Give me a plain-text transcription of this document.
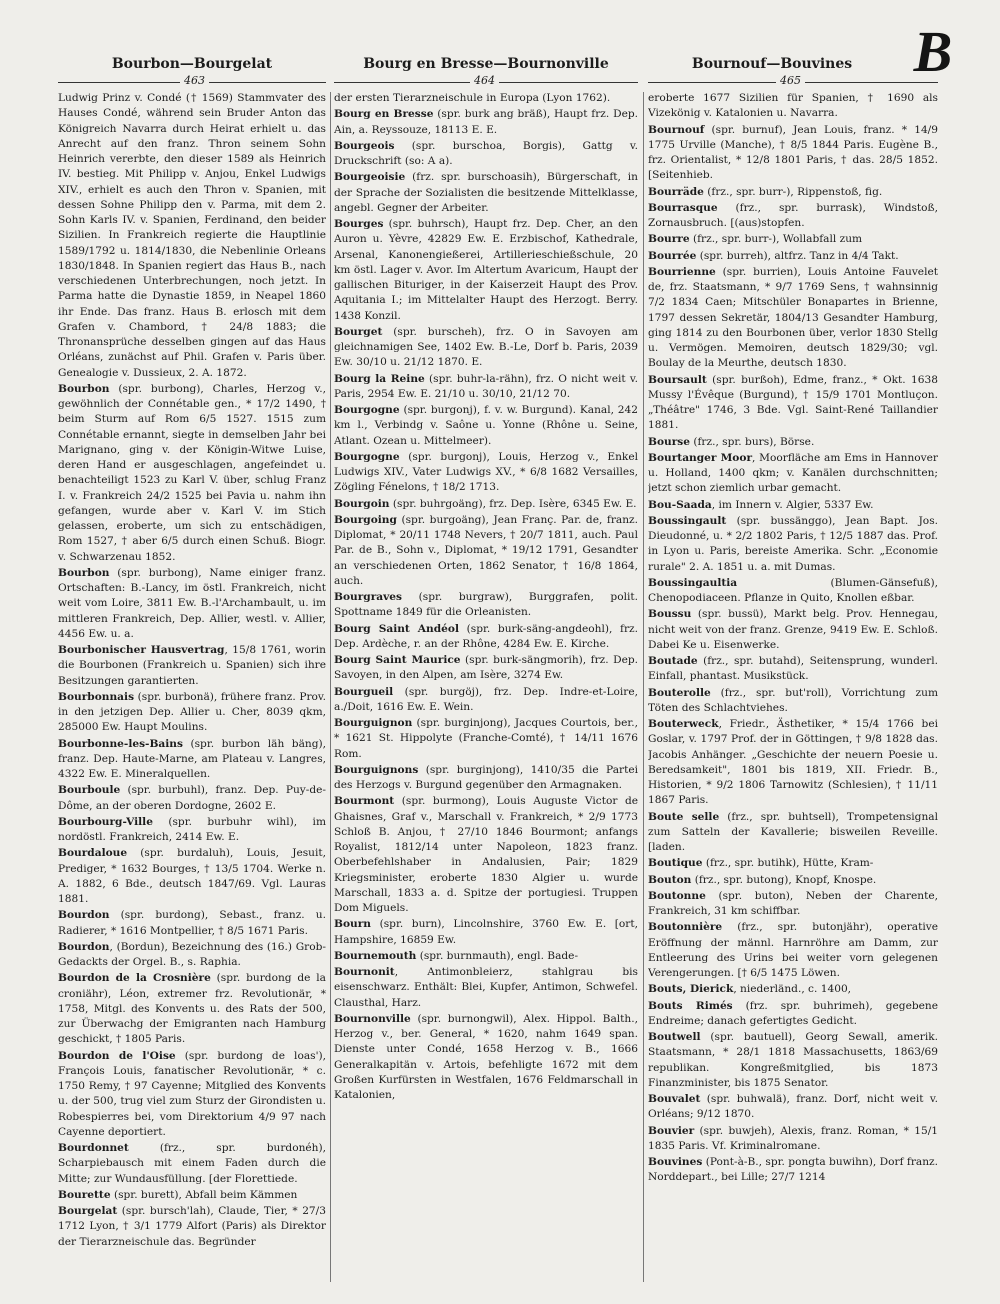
B
Bourbon—Bourgelat	Bourg en Bresse—Bournonville	Bournouf—Bouvines
463	464	465
Ludwig Prinz v. Condé († 1569) Stammvater des Hauses Condé, während sein Bruder Anton das Königreich Navarra durch Heirat erhielt u. das Anrecht auf den franz. Thron seinem Sohn Heinrich vererbte, den dieser 1589 als Heinrich IV. bestieg. Mit Philipp v. Anjou, Enkel Ludwigs XIV., erhielt es auch den Thron v. Spanien, mit dessen Sohne Philipp den v. Parma, mit dem 2. Sohn Karls IV. v. Spanien, Ferdinand, den beider Sizilien. In Frankreich regierte die Hauptlinie 1589/1792 u. 1814/1830, die Nebenlinie Orleans 1830/1848. In Spanien regiert das Haus B., nach verschiedenen Unterbrechungen, noch jetzt. In Parma hatte die Dynastie 1859, in Neapel 1860 ihr Ende. Das franz. Haus B. erlosch mit dem Grafen v. Chambord, † 24/8 1883; die Thronansprüche desselben gingen auf das Haus Orléans, zunächst auf Phil. Grafen v. Paris über. Genealogie v. Dussieux, 2. A. 1872.
Bourbon (spr. burbong), Charles, Herzog v., gewöhnlich der Connétable gen., * 17/2 1490, † beim Sturm auf Rom 6/5 1527. 1515 zum Connétable ernannt, siegte in demselben Jahr bei Marignano, ging v. der Königin-Witwe Luise, deren Hand er ausgeschlagen, angefeindet u. benachteiligt 1523 zu Karl V. über, schlug Franz I. v. Frankreich 24/2 1525 bei Pavia u. nahm ihn gefangen, wurde aber v. Karl V. im Stich gelassen, eroberte, um sich zu entschädigen, Rom 1527, † aber 6/5 durch einen Schuß. Biogr. v. Schwarzenau 1852.
Bourbon (spr. burbong), Name einiger franz. Ortschaften: B.-Lancy, im östl. Frankreich, nicht weit vom Loire, 3811 Ew. B.-l'Archambault, u. im mittleren Frankreich, Dep. Allier, westl. v. Allier, 4456 Ew. u. a.
Bourbonischer Hausvertrag, 15/8 1761, worin die Bourbonen (Frankreich u. Spanien) sich ihre Besitzungen garantierten.
Bourbonnais (spr. burbonä), frühere franz. Prov. in den jetzigen Dep. Allier u. Cher, 8039 qkm, 285000 Ew. Haupt Moulins.
Bourbonne-les-Bains (spr. burbon läh bäng), franz. Dep. Haute-Marne, am Plateau v. Langres, 4322 Ew. E. Mineralquellen.
Bourboule (spr. burbuhl), franz. Dep. Puy-de-Dôme, an der oberen Dordogne, 2602 E.
Bourbourg-Ville (spr. burbuhr wihl), im nordöstl. Frankreich, 2414 Ew. E.
Bourdaloue (spr. burdaluh), Louis, Jesuit, Prediger, * 1632 Bourges, † 13/5 1704. Werke n. A. 1882, 6 Bde., deutsch 1847/69. Vgl. Lauras 1881.
Bourdon (spr. burdong), Sebast., franz. u. Radierer, * 1616 Montpellier, † 8/5 1671 Paris.
Bourdon, (Bordun), Bezeichnung des (16.) Grob-Gedackts der Orgel. B., s. Raphia.
Bourdon de la Crosnière (spr. burdong de la croniähr), Léon, extremer frz. Revolutionär, * 1758, Mitgl. des Konvents u. des Rats der 500, zur Überwachg der Emigranten nach Hamburg geschickt, † 1805 Paris.
Bourdon de l'Oise (spr. burdong de loas'), François Louis, fanatischer Revolutionär, * c. 1750 Remy, † 97 Cayenne; Mitglied des Konvents u. der 500, trug viel zum Sturz der Girondisten u. Robespierres bei, vom Direktorium 4/9 97 nach Cayenne deportiert.
Bourdonnet (frz., spr. burdonéh), Scharpiebausch mit einem Faden durch die Mitte; zur Wundausfüllung. [der Florettiede.
Bourette (spr. burett), Abfall beim Kämmen
Bourgelat (spr. bursch'lah), Claude, Tier, * 27/3 1712 Lyon, † 3/1 1779 Alfort (Paris) als Direktor der Tierarzneischule das. Begründer
der ersten Tierarzneischule in Europa (Lyon 1762).
Bourg en Bresse (spr. burk ang bräß), Haupt frz. Dep. Ain, a. Reyssouze, 18113 E. E.
Bourgeois (spr. burschoa, Borgis), Gattg v. Druckschrift (so: A a).
Bourgeoisie (frz. spr. burschoasih), Bürgerschaft, in der Sprache der Sozialisten die besitzende Mittelklasse, angebl. Gegner der Arbeiter.
Bourges (spr. buhrsch), Haupt frz. Dep. Cher, an den Auron u. Yèvre, 42829 Ew. E. Erzbischof, Kathedrale, Arsenal, Kanonengießerei, Artillerieschießschule, 20 km östl. Lager v. Avor. Im Altertum Avaricum, Haupt der gallischen Bituriger, in der Kaiserzeit Haupt des Prov. Aquitania I.; im Mittelalter Haupt des Herzogt. Berry. 1438 Konzil.
Bourget (spr. burscheh), frz. O in Savoyen am gleichnamigen See, 1402 Ew. B.-Le, Dorf b. Paris, 2039 Ew. 30/10 u. 21/12 1870. E.
Bourg la Reine (spr. buhr-la-rähn), frz. O nicht weit v. Paris, 2954 Ew. E. 21/10 u. 30/10, 21/12 70.
Bourgogne (spr. burgonj), f. v. w. Burgund). Kanal, 242 km l., Verbindg v. Saône u. Yonne (Rhône u. Seine, Atlant. Ozean u. Mittelmeer).
Bourgogne (spr. burgonj), Louis, Herzog v., Enkel Ludwigs XIV., Vater Ludwigs XV., * 6/8 1682 Versailles, Zögling Fénelons, † 18/2 1713.
Bourgoin (spr. buhrgoäng), frz. Dep. Isère, 6345 Ew. E.
Bourgoing (spr. burgoäng), Jean Franç. Par. de, franz. Diplomat, * 20/11 1748 Nevers, † 20/7 1811, auch. Paul Par. de B., Sohn v., Diplomat, * 19/12 1791, Gesandter an verschiedenen Orten, 1862 Senator, † 16/8 1864, auch.
Bourgraves (spr. burgraw), Burggrafen, polit. Spottname 1849 für die Orleanisten.
Bourg Saint Andéol (spr. burk-säng-angdeohl), frz. Dep. Ardèche, r. an der Rhône, 4284 Ew. E. Kirche.
Bourg Saint Maurice (spr. burk-sängmorih), frz. Dep. Savoyen, in den Alpen, am Isère, 3274 Ew.
Bourgueil (spr. burgöj), frz. Dep. Indre-et-Loire, a./Doit, 1616 Ew. E. Wein.
Bourguignon (spr. burginjong), Jacques Courtois, ber., * 1621 St. Hippolyte (Franche-Comté), † 14/11 1676 Rom.
Bourguignons (spr. burginjong), 1410/35 die Partei des Herzogs v. Burgund gegenüber den Armagnaken.
Bourmont (spr. burmong), Louis Auguste Victor de Ghaisnes, Graf v., Marschall v. Frankreich, * 2/9 1773 Schloß B. Anjou, † 27/10 1846 Bourmont; anfangs Royalist, 1812/14 unter Napoleon, 1823 franz. Oberbefehlshaber in Andalusien, Pair; 1829 Kriegsminister, eroberte 1830 Algier u. wurde Marschall, 1833 a. d. Spitze der portugiesi. Truppen Dom Miguels.
Bourn (spr. burn), Lincolnshire, 3760 Ew. E. [ort, Hampshire, 16859 Ew.
Bournemouth (spr. burnmauth), engl. Bade-
Bournonit, Antimonbleierz, stahlgrau bis eisenschwarz. Enthält: Blei, Kupfer, Antimon, Schwefel. Clausthal, Harz.
Bournonville (spr. burnongwil), Alex. Hippol. Balth., Herzog v., ber. General, * 1620, nahm 1649 span. Dienste unter Condé, 1658 Herzog v. B., 1666 Generalkapitän v. Artois, befehligte 1672 mit dem Großen Kurfürsten in Westfalen, 1676 Feldmarschall in Katalonien,
eroberte 1677 Sizilien für Spanien, † 1690 als Vizekönig v. Katalonien u. Navarra.
Bournouf (spr. burnuf), Jean Louis, franz. * 14/9 1775 Urville (Manche), † 8/5 1844 Paris. Eugène B., frz. Orientalist, * 12/8 1801 Paris, † das. 28/5 1852. [Seitenhieb.
Bourräde (frz., spr. burr-), Rippenstoß, fig.
Bourrasque (frz., spr. burrask), Windstoß, Zornausbruch. [(aus)stopfen.
Bourre (frz., spr. burr-), Wollabfall zum
Bourrée (spr. burreh), altfrz. Tanz in 4/4 Takt.
Bourrienne (spr. burrien), Louis Antoine Fauvelet de, frz. Staatsmann, * 9/7 1769 Sens, † wahnsinnig 7/2 1834 Caen; Mitschüler Bonapartes in Brienne, 1797 dessen Sekretär, 1804/13 Gesandter Hamburg, ging 1814 zu den Bourbonen über, verlor 1830 Stellg u. Vermögen. Memoiren, deutsch 1829/30; vgl. Boulay de la Meurthe, deutsch 1830.
Boursault (spr. burßoh), Edme, franz., * Okt. 1638 Mussy l'Évêque (Burgund), † 15/9 1701 Montluçon. „Théâtre" 1746, 3 Bde. Vgl. Saint-René Taillandier 1881.
Bourse (frz., spr. burs), Börse.
Bourtanger Moor, Moorfläche am Ems in Hannover u. Holland, 1400 qkm; v. Kanälen durchschnitten; jetzt schon ziemlich urbar gemacht.
Bou-Saada, im Innern v. Algier, 5337 Ew.
Boussingault (spr. bussänggo), Jean Bapt. Jos. Dieudonné, u. * 2/2 1802 Paris, † 12/5 1887 das. Prof. in Lyon u. Paris, bereiste Amerika. Schr. „Economie rurale" 2. A. 1851 u. a. mit Dumas.
Boussingaultia (Blumen-Gänsefuß), Chenopodiaceen. Pflanze in Quito, Knollen eßbar.
Boussu (spr. bussü), Markt belg. Prov. Hennegau, nicht weit von der franz. Grenze, 9419 Ew. E. Schloß. Dabei Ke u. Eisenwerke.
Boutade (frz., spr. butahd), Seitensprung, wunderl. Einfall, phantast. Musikstück.
Bouterolle (frz., spr. but'roll), Vorrichtung zum Töten des Schlachtviehes.
Bouterweck, Friedr., Ästhetiker, * 15/4 1766 bei Goslar, v. 1797 Prof. der in Göttingen, † 9/8 1828 das. Jacobis Anhänger. „Geschichte der neuern Poesie u. Beredsamkeit", 1801 bis 1819, XII. Friedr. B., Historien, * 9/2 1806 Tarnowitz (Schlesien), † 11/11 1867 Paris.
Boute selle (frz., spr. buhtsell), Trompetensignal zum Satteln der Kavallerie; bisweilen Reveille. [laden.
Boutique (frz., spr. butihk), Hütte, Kram-
Bouton (frz., spr. butong), Knopf, Knospe.
Boutonne (spr. buton), Neben der Charente, Frankreich, 31 km schiffbar.
Boutonnière (frz., spr. butonjähr), operative Eröffnung der männl. Harnröhre am Damm, zur Entleerung des Urins bei weiter vorn gelegenen Verengerungen. [† 6/5 1475 Löwen.
Bouts, Dierick, niederländ., c. 1400,
Bouts Rimés (frz. spr. buhrimeh), gegebene Endreime; danach gefertigtes Gedicht.
Boutwell (spr. bautuell), Georg Sewall, amerik. Staatsmann, * 28/1 1818 Massachusetts, 1863/69 republikan. Kongreßmitglied, bis 1873 Finanzminister, bis 1875 Senator.
Bouvalet (spr. buhwalä), franz. Dorf, nicht weit v. Orléans; 9/12 1870.
Bouvier (spr. buwjeh), Alexis, franz. Roman, * 15/1 1835 Paris. Vf. Kriminalromane.
Bouvines (Pont-à-B., spr. pongta buwihn), Dorf franz. Norddepart., bei Lille; 27/7 1214
